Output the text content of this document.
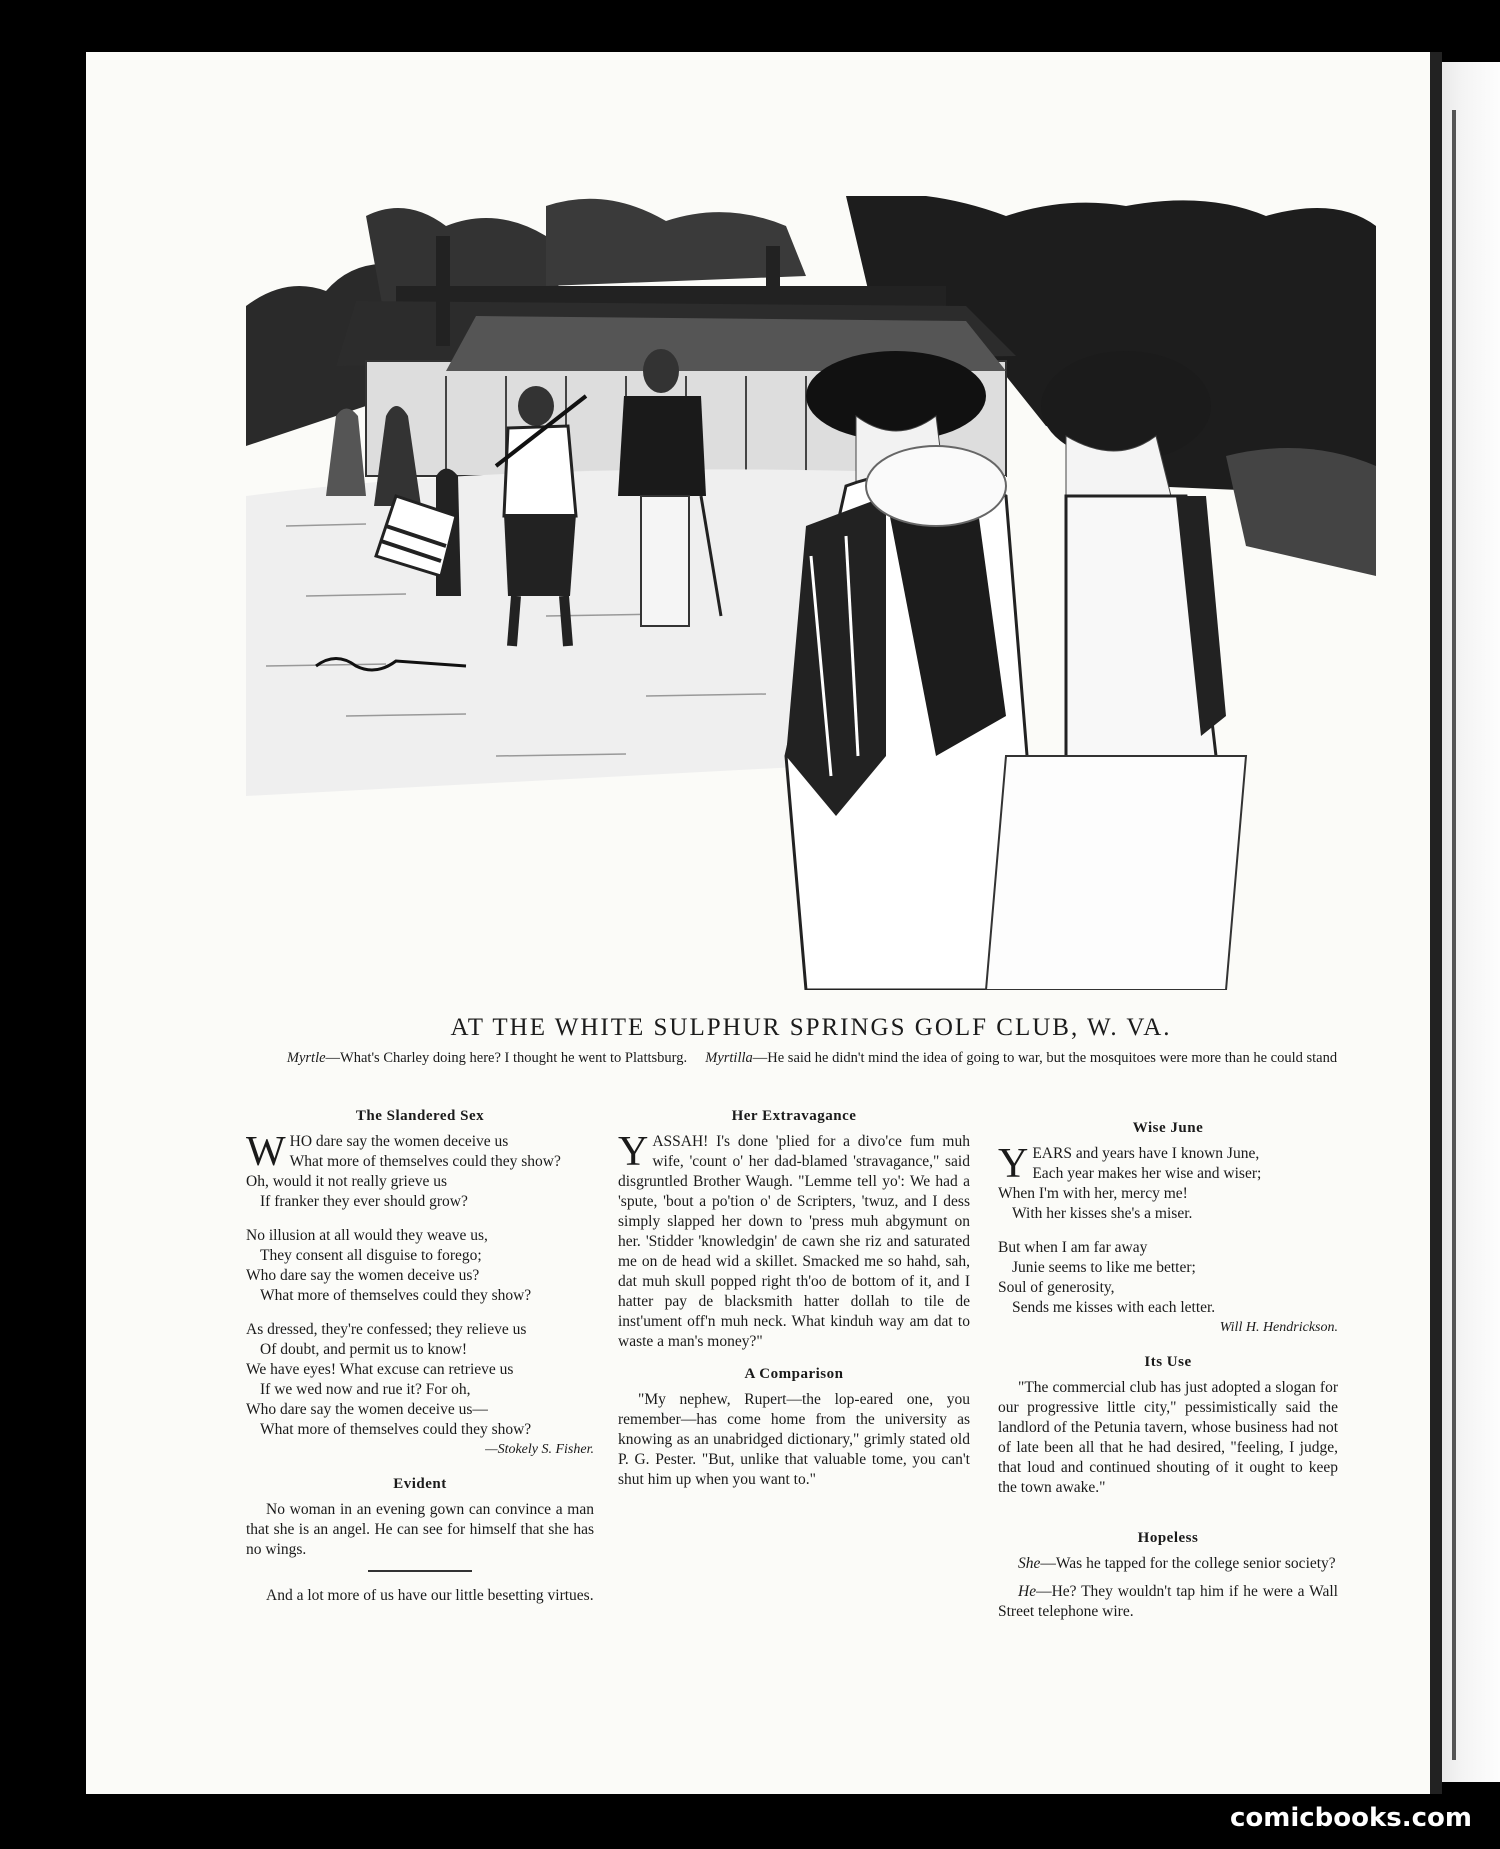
AT THE WHITE SULPHUR SPRINGS GOLF CLUB, W. VA.
Myrtle—What's Charley doing here? I thought he went to Plattsburg. Myrtilla—He said he didn't mind the idea of going to war, but the mosquitoes were more than he could stand
The Slandered Sex
W HO dare say the women deceive us
What more of themselves could they show?
Oh, would it not really grieve us
If franker they ever should grow?
No illusion at all would they weave us,
They consent all disguise to forego;
Who dare say the women deceive us?
What more of themselves could they show?
As dressed, they're confessed; they relieve us
Of doubt, and permit us to know!
We have eyes! What excuse can retrieve us
If we wed now and rue it? For oh,
Who dare say the women deceive us—
What more of themselves could they show?
—Stokely S. Fisher.
Evident

No woman in an evening gown can convince a man that she is an angel. He can see for himself that she has no wings.

And a lot more of us have our little besetting virtues.

Her Extravagance

YASSAH! I's done 'plied for a divo'ce fum muh wife, 'count o' her dad-blamed 'stravagance," said disgruntled Brother Waugh. "Lemme tell yo': We had a 'spute, 'bout a po'tion o' de Scripters, 'twuz, and I dess simply slapped her down to 'press muh abgymunt on her. 'Stidder 'knowledgin' de cawn she riz and saturated me on de head wid a skillet. Smacked me so hahd, sah, dat muh skull popped right th'oo de bottom of it, and I hatter pay de blacksmith hatter dollah to tile de inst'ument off'n muh neck. What kinduh way am dat to waste a man's money?"

A Comparison

"My nephew, Rupert—the lop-eared one, you remember—has come home from the university as knowing as an unabridged dictionary," grimly stated old P. G. Pester. "But, unlike that valuable tome, you can't shut him up when you want to."

Wise June
Y EARS and years have I known June,
Each year makes her wise and wiser;
When I'm with her, mercy me!
With her kisses she's a miser.
But when I am far away
Junie seems to like me better;
Soul of generosity,
Sends me kisses with each letter.
Will H. Hendrickson.
Its Use

"The commercial club has just adopted a slogan for our progressive little city," pessimistically said the landlord of the Petunia tavern, whose business had not of late been all that he had desired, "feeling, I judge, that loud and continued shouting of it ought to keep the town awake."

Hopeless

She—Was he tapped for the college senior society?

He—He? They wouldn't tap him if he were a Wall Street telephone wire.

comicbooks.com
